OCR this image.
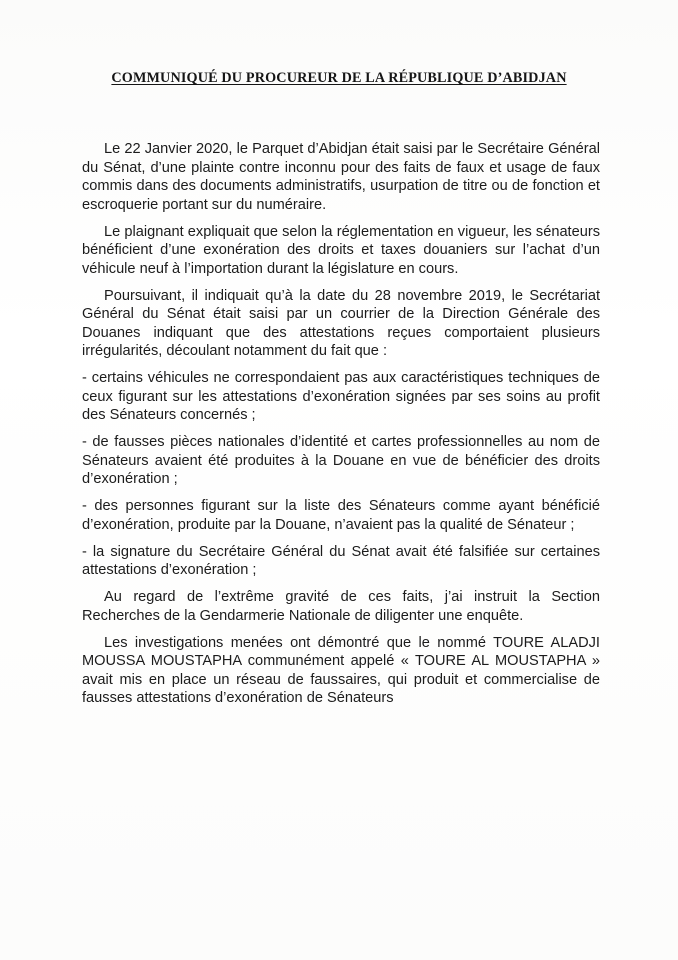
COMMUNIQUÉ DU PROCUREUR DE LA RÉPUBLIQUE D’ABIDJAN

Le 22 Janvier 2020, le Parquet d’Abidjan était saisi par le Secrétaire Général du Sénat, d’une plainte contre inconnu pour des faits de faux et usage de faux commis dans des documents administratifs, usurpation de titre ou de fonction et escroquerie portant sur du numéraire.

Le plaignant expliquait que selon la réglementation en vigueur, les sénateurs bénéficient d’une exonération des droits et taxes douaniers sur l’achat d’un véhicule neuf à l’importation durant la législature en cours.

Poursuivant, il indiquait qu’à la date du 28 novembre 2019, le Secrétariat Général du Sénat était saisi par un courrier de la Direction Générale des Douanes indiquant que des attestations reçues comportaient plusieurs irrégularités, découlant notamment du fait que :

- certains véhicules ne correspondaient pas aux caractéristiques techniques de ceux figurant sur les attestations d’exonération signées par ses soins au profit des Sénateurs concernés ;

- de fausses pièces nationales d’identité et cartes professionnelles au nom de Sénateurs avaient été produites à la Douane en vue de bénéficier des droits d’exonération ;

- des personnes figurant sur la liste des Sénateurs comme ayant bénéficié d’exonération, produite par la Douane, n’avaient pas la qualité de Sénateur ;

- la signature du Secrétaire Général du Sénat avait été falsifiée sur certaines attestations d’exonération ;

Au regard de l’extrême gravité de ces faits, j’ai instruit la Section Recherches de la Gendarmerie Nationale de diligenter une enquête.

Les investigations menées ont démontré que le nommé TOURE ALADJI MOUSSA MOUSTAPHA communément appelé « TOURE AL MOUSTAPHA » avait mis en place un réseau de faussaires, qui produit et commercialise de fausses attestations d’exonération de Sénateurs
